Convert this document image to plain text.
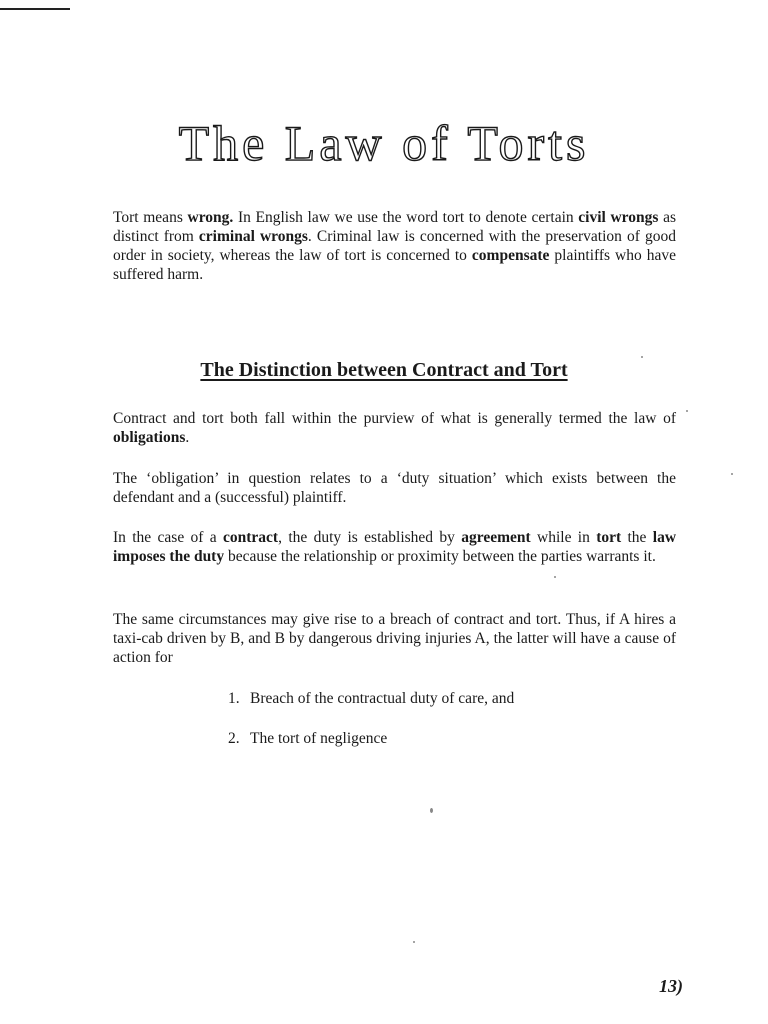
The Law of Torts

Tort means wrong. In English law we use the word tort to denote certain civil wrongs as distinct from criminal wrongs. Criminal law is concerned with the preservation of good order in society, whereas the law of tort is concerned to compensate plaintiffs who have suffered harm.

The Distinction between Contract and Tort

Contract and tort both fall within the purview of what is generally termed the law of obligations.

The ‘obligation’ in question relates to a ‘duty situation’ which exists between the defendant and a (successful) plaintiff.

In the case of a contract, the duty is established by agreement while in tort the law imposes the duty because the relationship or proximity between the parties warrants it.

The same circumstances may give rise to a breach of contract and tort. Thus, if A hires a taxi-cab driven by B, and B by dangerous driving injuries A, the latter will have a cause of action for

1. Breach of the contractual duty of care, and
2. The tort of negligence
13)
